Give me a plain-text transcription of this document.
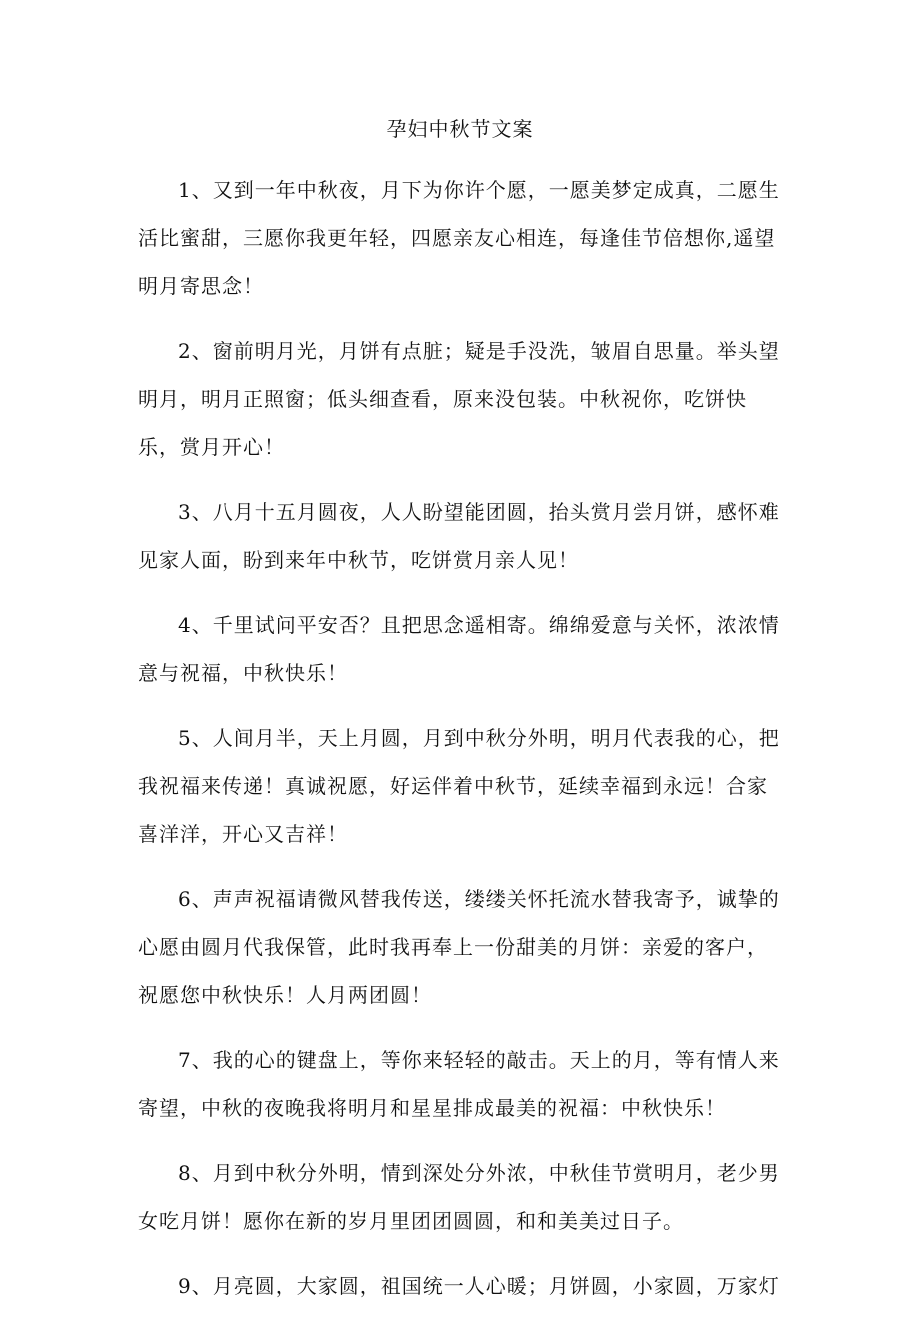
孕妇中秋节文案

1、又到一年中秋夜，月下为你许个愿，一愿美梦定成真，二愿生活比蜜甜，三愿你我更年轻，四愿亲友心相连，每逢佳节倍想你,遥望明月寄思念！

2、窗前明月光，月饼有点脏；疑是手没洗，皱眉自思量。举头望明月，明月正照窗；低头细查看，原来没包装。中秋祝你，吃饼快乐，赏月开心！

3、八月十五月圆夜，人人盼望能团圆，抬头赏月尝月饼，感怀难见家人面，盼到来年中秋节，吃饼赏月亲人见！

4、千里试问平安否？且把思念遥相寄。绵绵爱意与关怀，浓浓情意与祝福，中秋快乐！

5、人间月半，天上月圆，月到中秋分外明，明月代表我的心，把我祝福来传递！真诚祝愿，好运伴着中秋节，延续幸福到永远！合家喜洋洋，开心又吉祥！

6、声声祝福请微风替我传送，缕缕关怀托流水替我寄予，诚挚的心愿由圆月代我保管，此时我再奉上一份甜美的月饼：亲爱的客户，祝愿您中秋快乐！人月两团圆！

7、我的心的键盘上，等你来轻轻的敲击。天上的月，等有情人来寄望，中秋的夜晚我将明月和星星排成最美的祝福：中秋快乐！

8、月到中秋分外明，情到深处分外浓，中秋佳节赏明月，老少男女吃月饼！愿你在新的岁月里团团圆圆，和和美美过日子。

9、月亮圆，大家圆，祖国统一人心暖；月饼圆，小家圆，万家灯
